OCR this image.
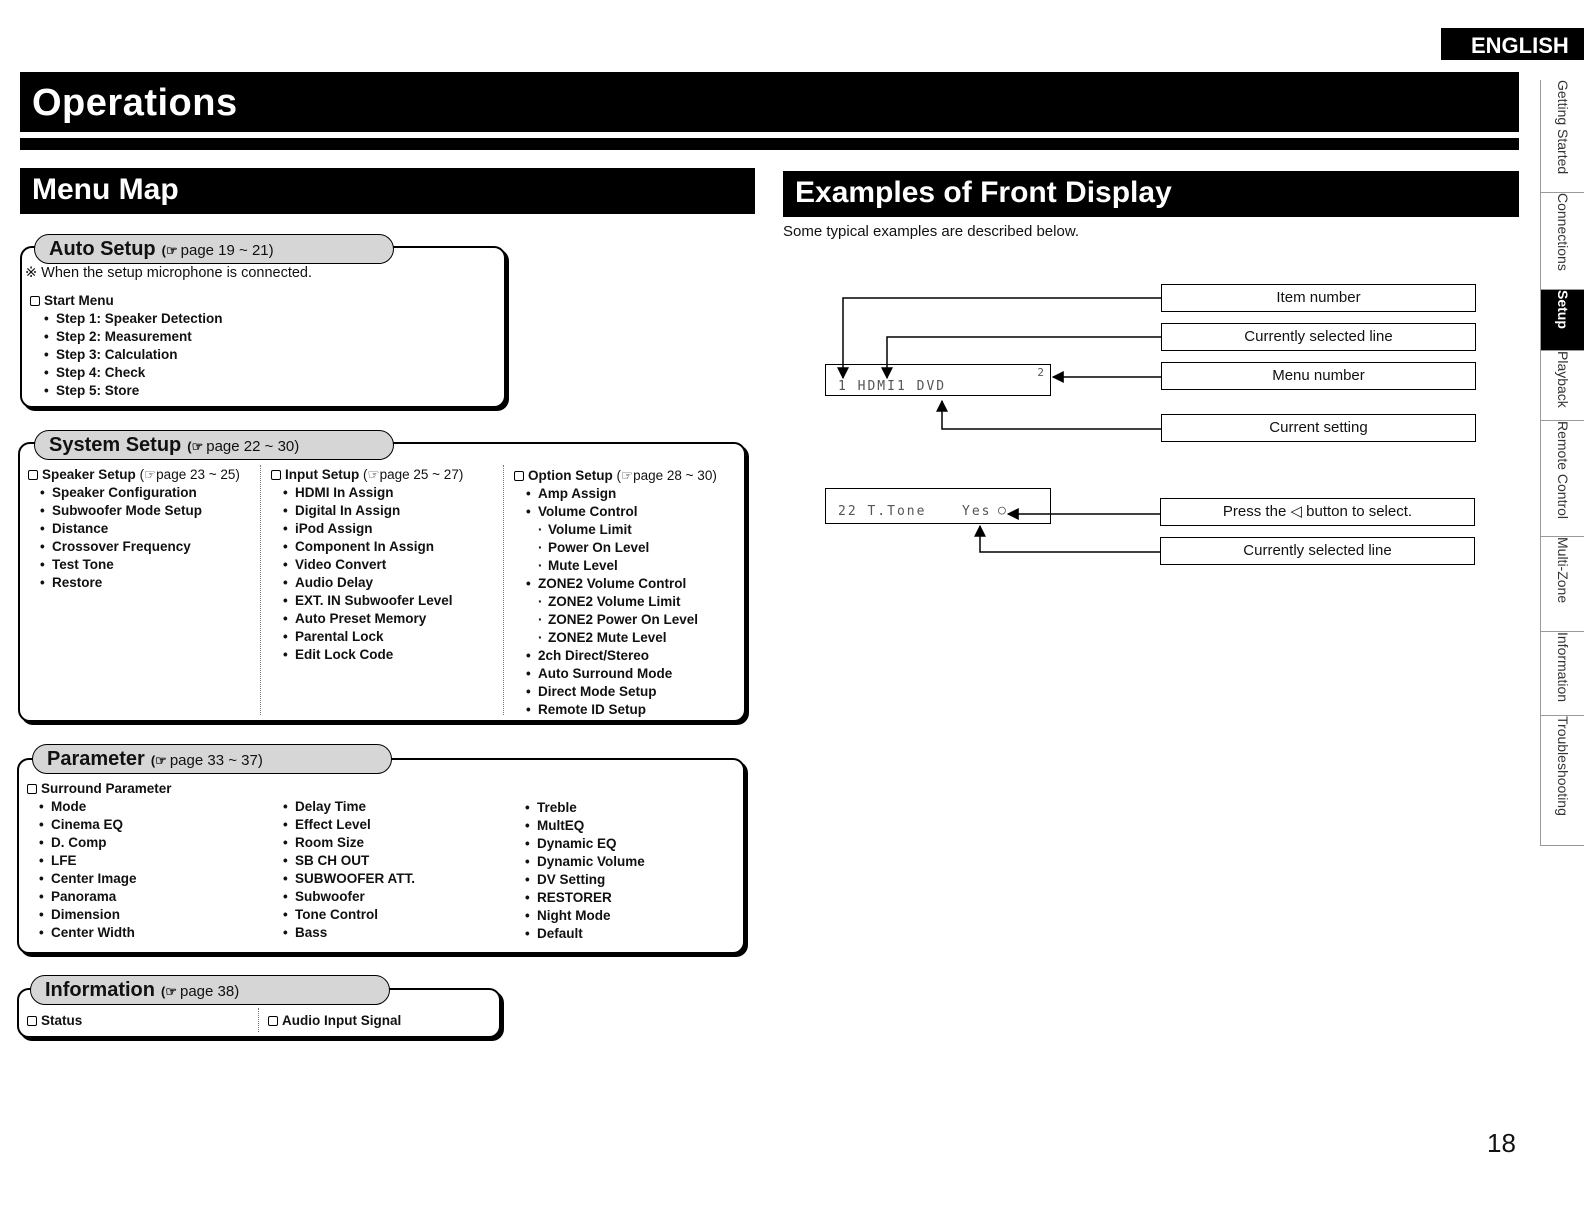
ENGLISH
Operations
Menu Map	Examples of Front Display
Auto Setup (☞ page 19 ~ 21)
※ When the setup microphone is connected.
Start Menu
• Step 1: Speaker Detection
• Step 2: Measurement
• Step 3: Calculation
• Step 4: Check
• Step 5: Store
System Setup (☞ page 22 ~ 30)
Speaker Setup (☞page 23 ~ 25)
• Speaker Configuration
• Subwoofer Mode Setup
• Distance
• Crossover Frequency
• Test Tone
• Restore
Input Setup (☞page 25 ~ 27)
• HDMI In Assign
• Digital In Assign
• iPod Assign
• Component In Assign
• Video Convert
• Audio Delay
• EXT. IN Subwoofer Level
• Auto Preset Memory
• Parental Lock
• Edit Lock Code
Option Setup (☞page 28 ~ 30)
• Amp Assign
• Volume Control
· Volume Limit
· Power On Level
· Mute Level
• ZONE2 Volume Control
· ZONE2 Volume Limit
· ZONE2 Power On Level
· ZONE2 Mute Level
• 2ch Direct/Stereo
• Auto Surround Mode
• Direct Mode Setup
• Remote ID Setup
Parameter (☞ page 33 ~ 37)
Surround Parameter
• Mode
• Cinema EQ
• D. Comp
• LFE
• Center Image
• Panorama
• Dimension
• Center Width
• Delay Time
• Effect Level
• Room Size
• SB CH OUT
• SUBWOOFER ATT.
• Subwoofer
• Tone Control
• Bass
• Treble
• MultEQ
• Dynamic EQ
• Dynamic Volume
• DV Setting
• RESTORER
• Night Mode
• Default
Information (☞ page 38)
Status	Audio Input Signal
Some typical examples are described below.
Item number
Currently selected line
Menu number
Current setting
Press the ◁ button to select.
Currently selected line
1 HDMI1 DVD
2
22 T.Tone	Yes ○
Getting Started
Connections
Setup
Playback
Remote Control
Multi-Zone
Information
Troubleshooting
18
